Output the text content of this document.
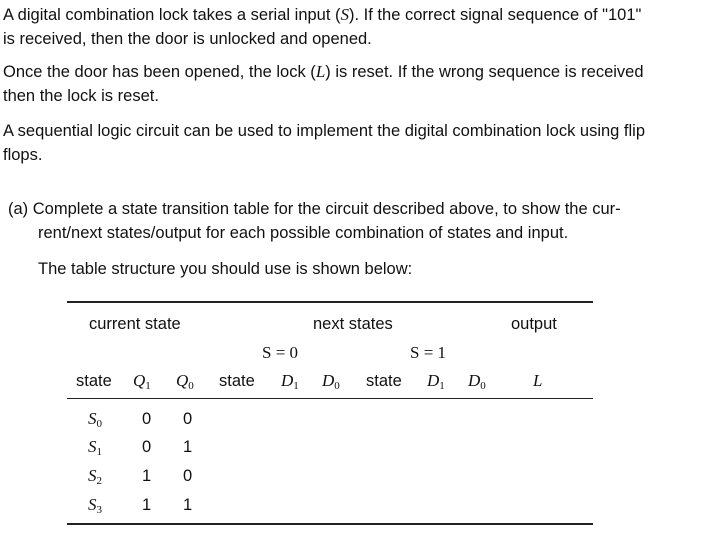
A digital combination lock takes a serial input (S). If the correct signal sequence of "101"
is received, then the door is unlocked and opened.

Once the door has been opened, the lock (L) is reset. If the wrong sequence is received
then the lock is reset.

A sequential logic circuit can be used to implement the digital combination lock using flip
flops.

(a) Complete a state transition table for the circuit described above, to show the cur-
rent/next states/output for each possible combination of states and input.

The table structure you should use is shown below:

current state	next states	output
S = 0	S = 1
state Q1 Q0 state D1 D0 state D1 D0	L
S0 0 0
S1 0 1
S2 1 0
S3 1 1
